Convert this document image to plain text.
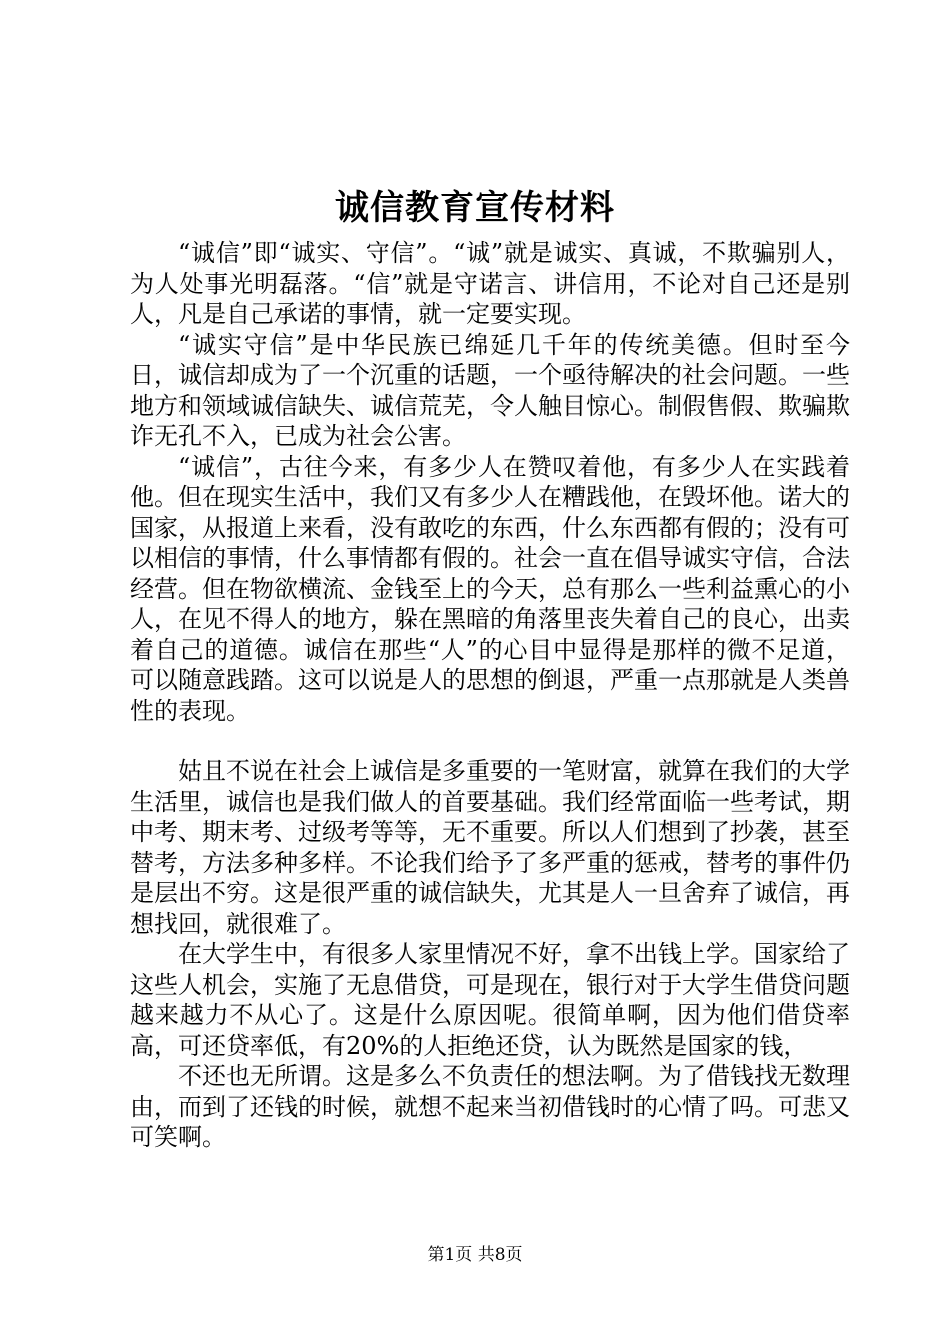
诚信教育宣传材料

“诚信”即“诚实、守信”。“诚”就是诚实、真诚，不欺骗别人，为人处事光明磊落。“信”就是守诺言、讲信用，不论对自己还是别人，凡是自己承诺的事情，就一定要实现。

“诚实守信”是中华民族已绵延几千年的传统美德。但时至今日，诚信却成为了一个沉重的话题，一个亟待解决的社会问题。一些地方和领域诚信缺失、诚信荒芜，令人触目惊心。制假售假、欺骗欺诈无孔不入，已成为社会公害。

“诚信”，古往今来，有多少人在赞叹着他，有多少人在实践着他。但在现实生活中，我们又有多少人在糟践他，在毁坏他。诺大的国家，从报道上来看，没有敢吃的东西，什么东西都有假的；没有可以相信的事情，什么事情都有假的。社会一直在倡导诚实守信，合法经营。但在物欲横流、金钱至上的今天，总有那么一些利益熏心的小人，在见不得人的地方，躲在黑暗的角落里丧失着自己的良心，出卖着自己的道德。诚信在那些“人”的心目中显得是那样的微不足道，可以随意践踏。这可以说是人的思想的倒退，严重一点那就是人类兽性的表现。

姑且不说在社会上诚信是多重要的一笔财富，就算在我们的大学生活里，诚信也是我们做人的首要基础。我们经常面临一些考试，期中考、期末考、过级考等等，无不重要。所以人们想到了抄袭，甚至替考，方法多种多样。不论我们给予了多严重的惩戒，替考的事件仍是层出不穷。这是很严重的诚信缺失，尤其是人一旦舍弃了诚信，再想找回，就很难了。

在大学生中，有很多人家里情况不好，拿不出钱上学。国家给了这些人机会，实施了无息借贷，可是现在，银行对于大学生借贷问题越来越力不从心了。这是什么原因呢。很简单啊，因为他们借贷率高，可还贷率低，有20%的人拒绝还贷，认为既然是国家的钱，

不还也无所谓。这是多么不负责任的想法啊。为了借钱找无数理由，而到了还钱的时候，就想不起来当初借钱时的心情了吗。可悲又可笑啊。

第1页 共8页
